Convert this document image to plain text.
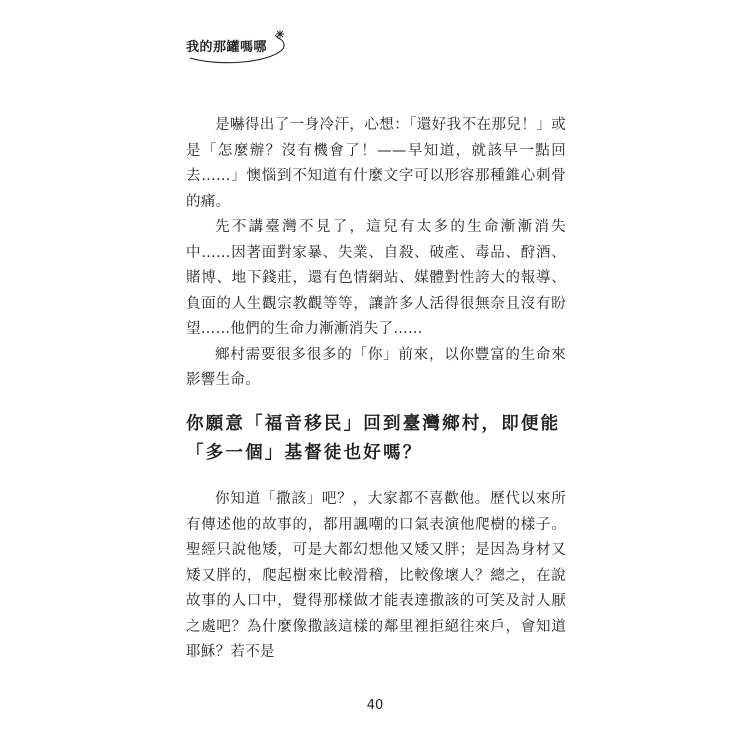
我的那罐嗎哪

是嚇得出了一身冷汗，心想：「還好我不在那兒！」或是「怎麼辦？沒有機會了！——早知道，就該早一點回去……」懊惱到不知道有什麼文字可以形容那種錐心刺骨的痛。

先不講臺灣不見了，這兒有太多的生命漸漸消失中……因著面對家暴、失業、自殺、破產、毒品、酧酒、賭博、地下錢莊，還有色情網站、媒體對性誇大的報導、負面的人生觀宗教觀等等，讓許多人活得很無奈且沒有盼望……他們的生命力漸漸消失了……

鄉村需要很多很多的「你」前來，以你豐富的生命來影響生命。

你願意「福音移民」回到臺灣鄉村，即便能「多一個」基督徒也好嗎？

你知道「撒該」吧？，大家都不喜歡他。歷代以來所有傳述他的故事的，都用諷嘲的口氣表演他爬樹的樣子。聖經只說他矮，可是大都幻想他又矮又胖；是因為身材又矮又胖的，爬起樹來比較滑稽，比較像壞人？總之，在說故事的人口中，覺得那樣做才能表達撒該的可笑及討人厭之處吧？為什麼像撒該這樣的鄰里裡拒絕往來戶，會知道耶穌？若不是

40
